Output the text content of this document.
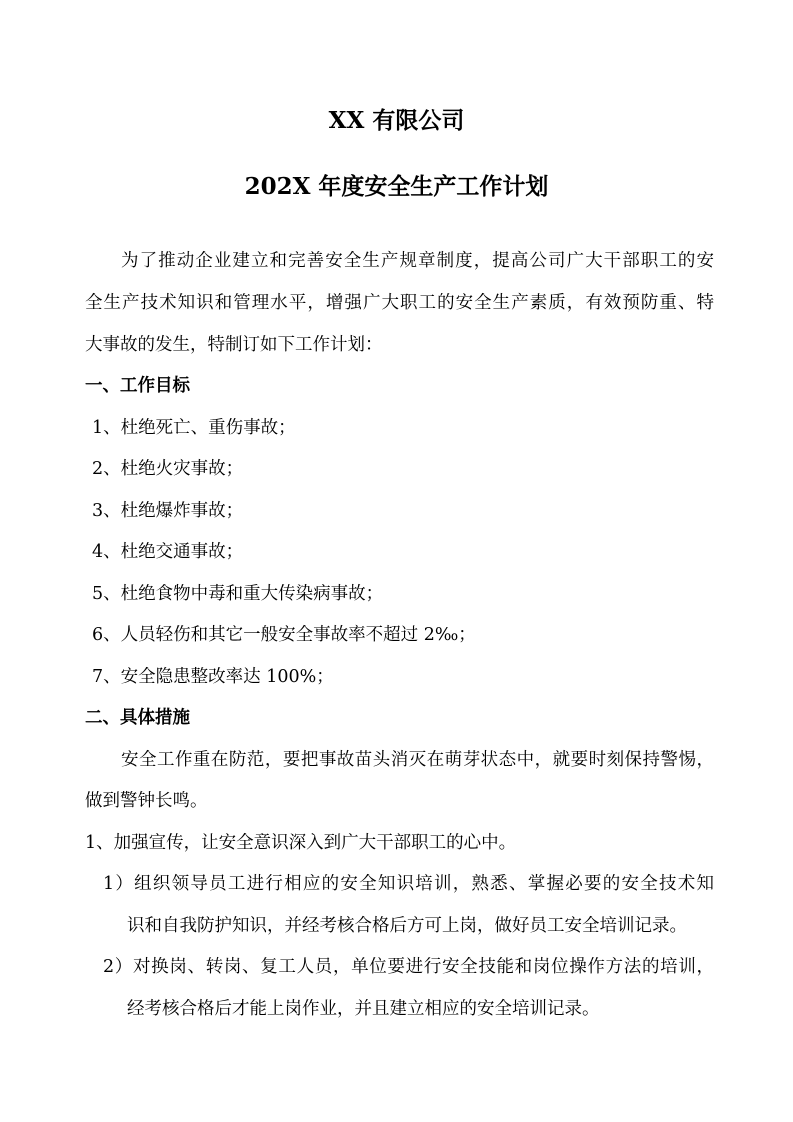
XX 有限公司
202X 年度安全生产工作计划
为了推动企业建立和完善安全生产规章制度，提高公司广大干部职工的安
全生产技术知识和管理水平，增强广大职工的安全生产素质，有效预防重、特
大事故的发生，特制订如下工作计划：
一、工作目标
1、杜绝死亡、重伤事故；
2、杜绝火灾事故；
3、杜绝爆炸事故；
4、杜绝交通事故；
5、杜绝食物中毒和重大传染病事故；
6、人员轻伤和其它一般安全事故率不超过 2‰；
7、安全隐患整改率达 100%；
二、具体措施
安全工作重在防范，要把事故苗头消灭在萌芽状态中，就要时刻保持警惕，
做到警钟长鸣。
1、加强宣传，让安全意识深入到广大干部职工的心中。
1）组织领导员工进行相应的安全知识培训，熟悉、掌握必要的安全技术知
识和自我防护知识，并经考核合格后方可上岗，做好员工安全培训记录。
2）对换岗、转岗、复工人员，单位要进行安全技能和岗位操作方法的培训，
经考核合格后才能上岗作业，并且建立相应的安全培训记录。
